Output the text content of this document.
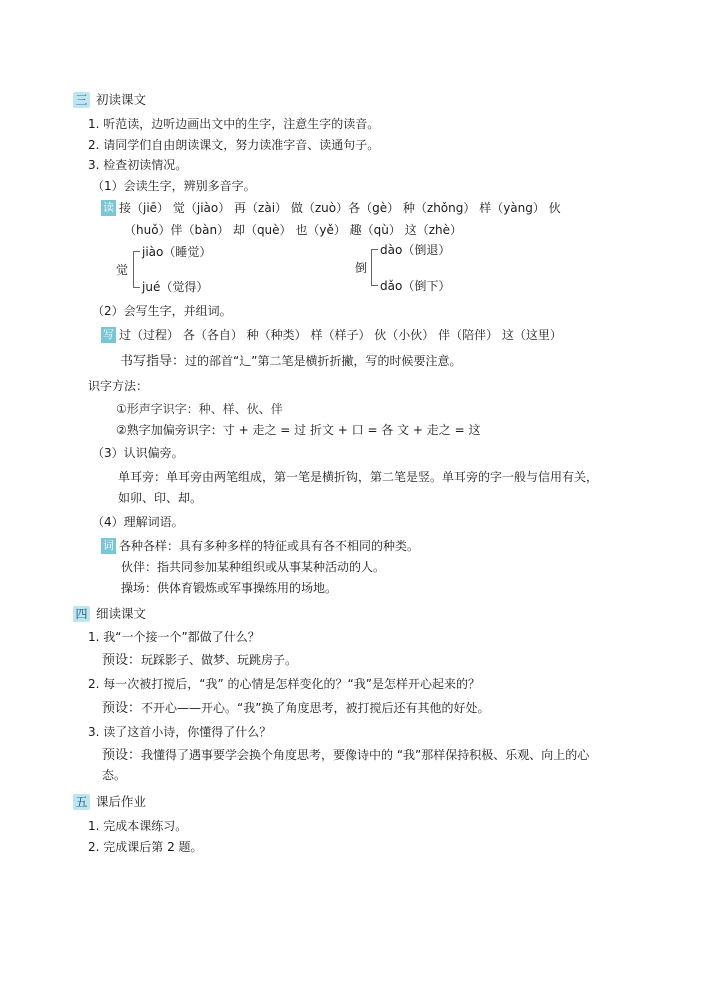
三 初读课文
1. 听范读，边听边画出文中的生字，注意生字的读音。
2. 请同学们自由朗读课文，努力读准字音、读通句子。
3. 检查初读情况。
（1）会读生字，辨别多音字。
读 接（jiē） 觉（jiào） 再（zài） 做（zuò）各（gè） 种（zhǒng） 样（yàng） 伙
（huǒ）伴（bàn） 却（què） 也（yě） 趣（qù） 这（zhè）
觉
jiào（睡觉）
jué（觉得）
倒
dào（倒退）
dǎo（倒下）
（2）会写生字，并组词。
写 过（过程） 各（各自） 种（种类） 样（样子） 伙（小伙） 伴（陪伴） 这（这里）
书写指导：过的部首“辶”第二笔是横折折撇，写的时候要注意。
识字方法：
①形声字识字：种、样、伙、伴
②熟字加偏旁识字：寸 + 走之 = 过 折文 + 口 = 各 文 + 走之 = 这
（3）认识偏旁。
单耳旁：单耳旁由两笔组成，第一笔是横折钩，第二笔是竖。单耳旁的字一般与信用有关，
如卯、印、却。
（4）理解词语。
词 各种各样：具有多种多样的特征或具有各不相同的种类。
伙伴：指共同参加某种组织或从事某种活动的人。
操场：供体育锻炼或军事操练用的场地。
四 细读课文
1. 我“一个接一个”都做了什么？
预设：玩踩影子、做梦、玩跳房子。
2. 每一次被打搅后，“我” 的心情是怎样变化的？“我”是怎样开心起来的？
预设：不开心——开心。“我”换了角度思考，被打搅后还有其他的好处。
3. 读了这首小诗，你懂得了什么？
预设：我懂得了遇事要学会换个角度思考，要像诗中的 “我”那样保持积极、乐观、向上的心
态。
五 课后作业
1. 完成本课练习。
2. 完成课后第 2 题。
